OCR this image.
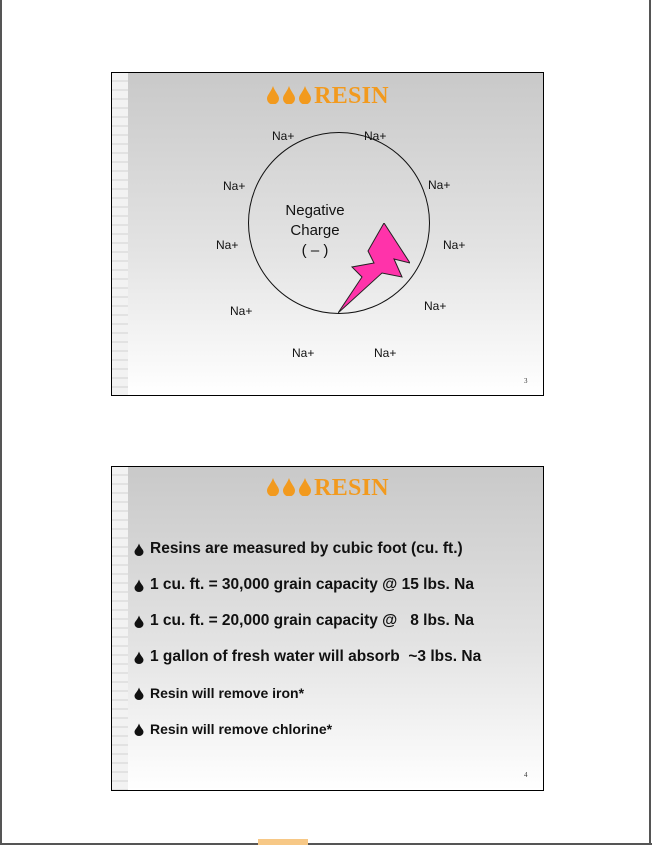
RESIN
Negative
Charge
( – )
Na+	Na+
Na+	Na+
Na+	Na+
Na+	Na+
Na+	Na+
3
RESIN
Resins are measured by cubic foot (cu. ft.)
1 cu. ft. = 30,000 grain capacity @ 15 lbs. Na
1 cu. ft. = 20,000 grain capacity @   8 lbs. Na
1 gallon of fresh water will absorb  ~3 lbs. Na
Resin will remove iron*
Resin will remove chlorine*
4
